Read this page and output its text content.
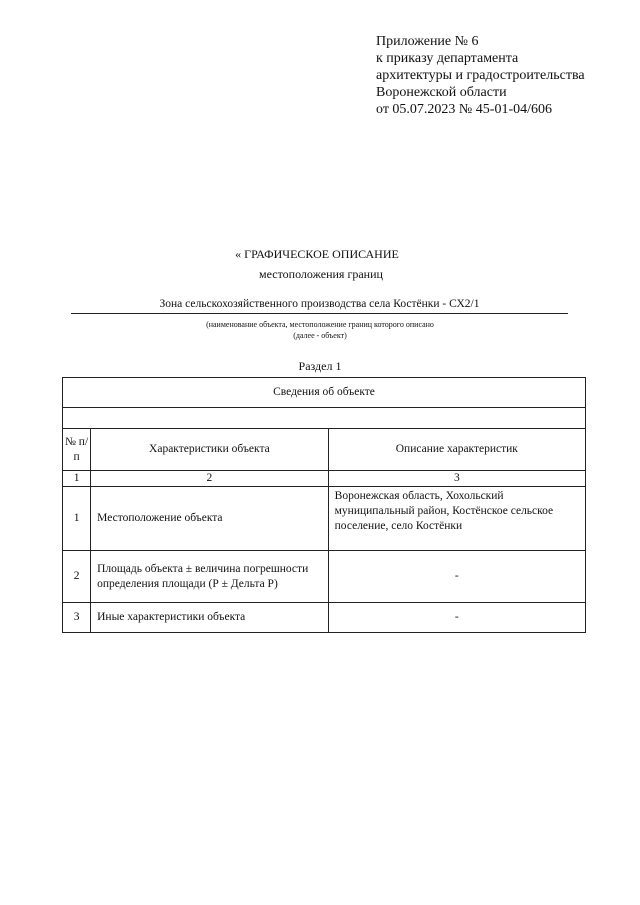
Приложение № 6
к приказу департамента
архитектуры и градостроительства
Воронежской области
от 05.07.2023 № 45-01-04/606
« ГРАФИЧЕСКОЕ ОПИСАНИЕ
местоположения границ
Зона сельскохозяйственного производства села Костёнки - СХ2/1
(наименование объекта, местоположение границ которого описано
(далее - объект)
Раздел 1
Сведения об объекте		

№ п/п	Характеристики объекта	Описание характеристик
1	2	3
1	Местоположение объекта	Воронежская область, Хохольский муниципальный район, Костёнское сельское поселение, село Костёнки
2	Площадь объекта ± величина погрешности определения площади (Р ± Дельта Р)	-
3	Иные характеристики объекта	-
